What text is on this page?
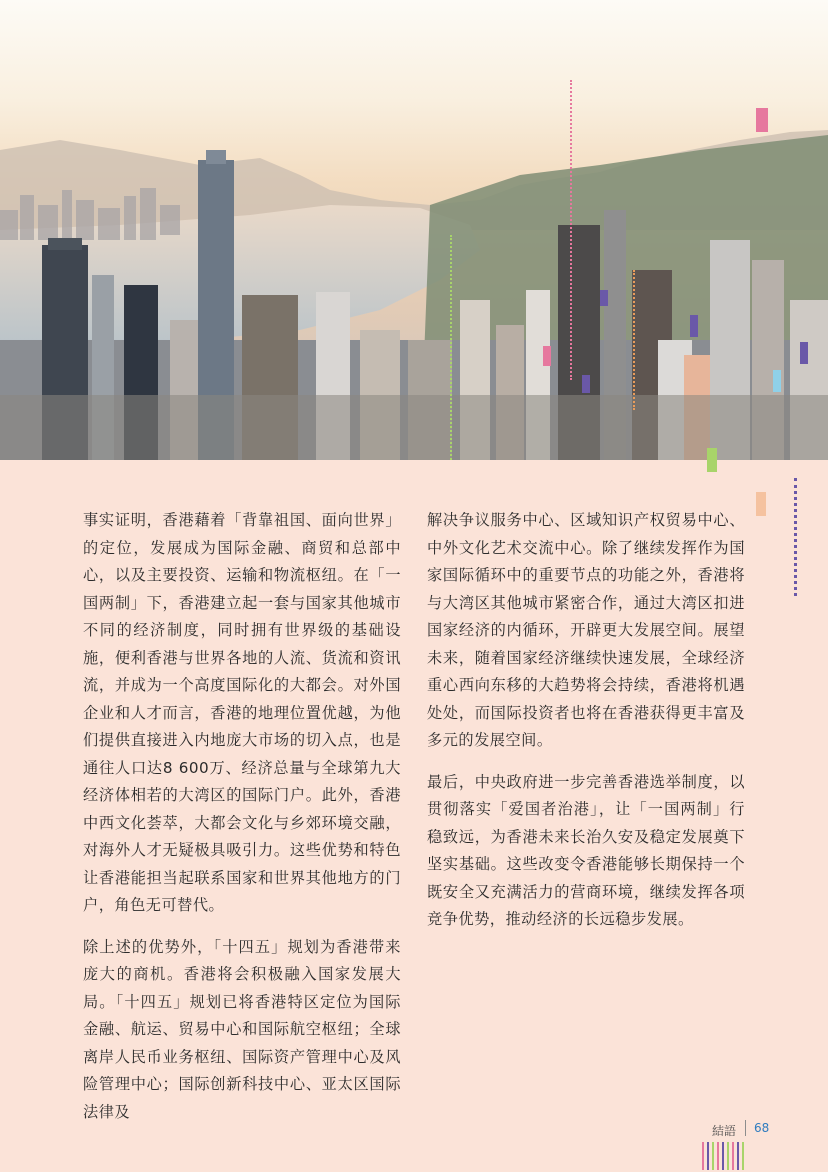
事实证明，香港藉着「背靠祖国、面向世界」的定位，发展成为国际金融、商贸和总部中心，以及主要投资、运输和物流枢纽。在「一国两制」下，香港建立起一套与国家其他城市不同的经济制度，同时拥有世界级的基础设施，便利香港与世界各地的人流、货流和资讯流，并成为一个高度国际化的大都会。对外国企业和人才而言，香港的地理位置优越，为他们提供直接进入内地庞大市场的切入点，也是通往人口达8 600万、经济总量与全球第九大经济体相若的大湾区的国际门户。此外，香港中西文化荟萃，大都会文化与乡郊环境交融，对海外人才无疑极具吸引力。这些优势和特色让香港能担当起联系国家和世界其他地方的门户，角色无可替代。

除上述的优势外，「十四五」规划为香港带来庞大的商机。香港将会积极融入国家发展大局。「十四五」规划已将香港特区定位为国际金融、航运、贸易中心和国际航空枢纽；全球离岸人民币业务枢纽、国际资产管理中心及风险管理中心；国际创新科技中心、亚太区国际法律及

解决争议服务中心、区域知识产权贸易中心、中外文化艺术交流中心。除了继续发挥作为国家国际循环中的重要节点的功能之外，香港将与大湾区其他城市紧密合作，通过大湾区扣进国家经济的内循环，开辟更大发展空间。展望未来，随着国家经济继续快速发展，全球经济重心西向东移的大趋势将会持续，香港将机遇处处，而国际投资者也将在香港获得更丰富及多元的发展空间。

最后，中央政府进一步完善香港选举制度，以贯彻落实「爱国者治港」，让「一国两制」行稳致远，为香港未来长治久安及稳定发展奠下坚实基础。这些改变令香港能够长期保持一个既安全又充满活力的营商环境，继续发挥各项竞争优势，推动经济的长远稳步发展。

結語 68
